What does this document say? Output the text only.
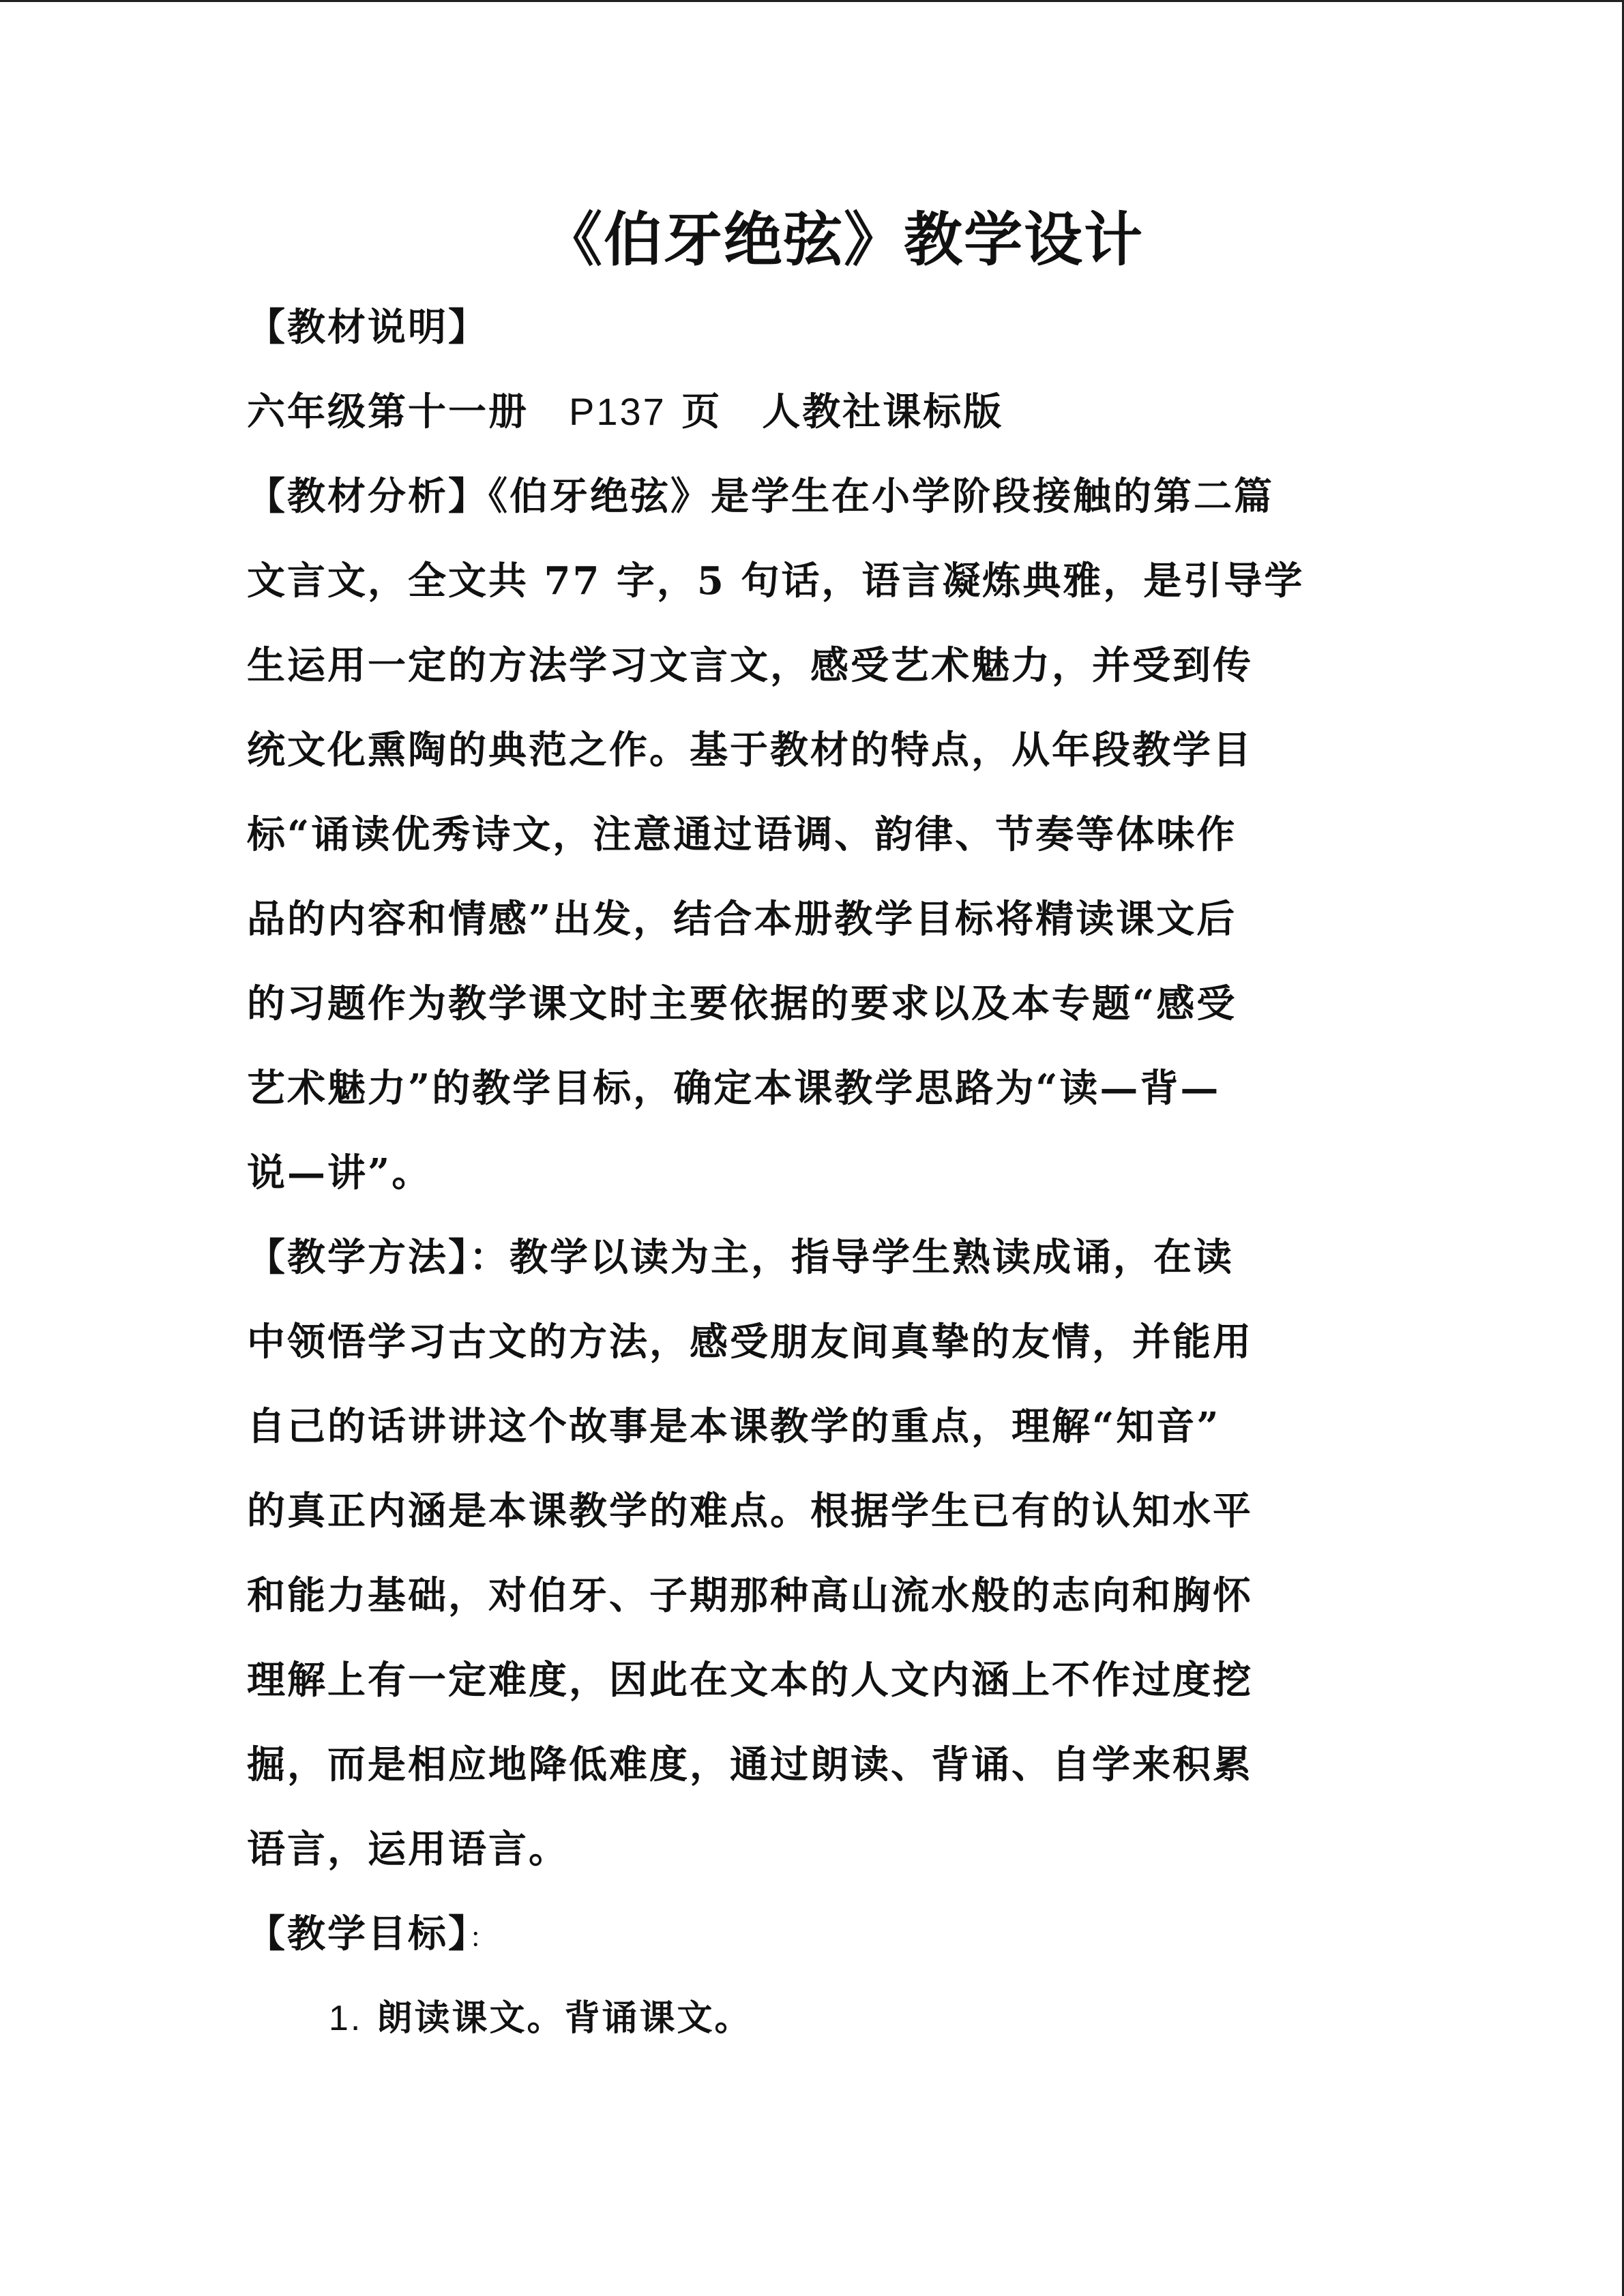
《伯牙绝弦》教学设计
【教材说明】
六年级第十一册　P137 页　人教社课标版
【教材分析】《伯牙绝弦》是学生在小学阶段接触的第二篇
文言文，全文共 77 字，5 句话，语言凝炼典雅，是引导学
生运用一定的方法学习文言文，感受艺术魅力，并受到传
统文化熏陶的典范之作。基于教材的特点，从年段教学目
标“诵读优秀诗文，注意通过语调、韵律、节奏等体味作
品的内容和情感”出发，结合本册教学目标将精读课文后
的习题作为教学课文时主要依据的要求以及本专题“感受
艺术魅力”的教学目标，确定本课教学思路为“读—背—
说—讲”。
【教学方法】：教学以读为主，指导学生熟读成诵，在读
中领悟学习古文的方法，感受朋友间真挚的友情，并能用
自己的话讲讲这个故事是本课教学的重点，理解“知音”
的真正内涵是本课教学的难点。根据学生已有的认知水平
和能力基础，对伯牙、子期那种高山流水般的志向和胸怀
理解上有一定难度，因此在文本的人文内涵上不作过度挖
掘，而是相应地降低难度，通过朗读、背诵、自学来积累
语言，运用语言。
【教学目标】：
1. 朗读课文。背诵课文。
